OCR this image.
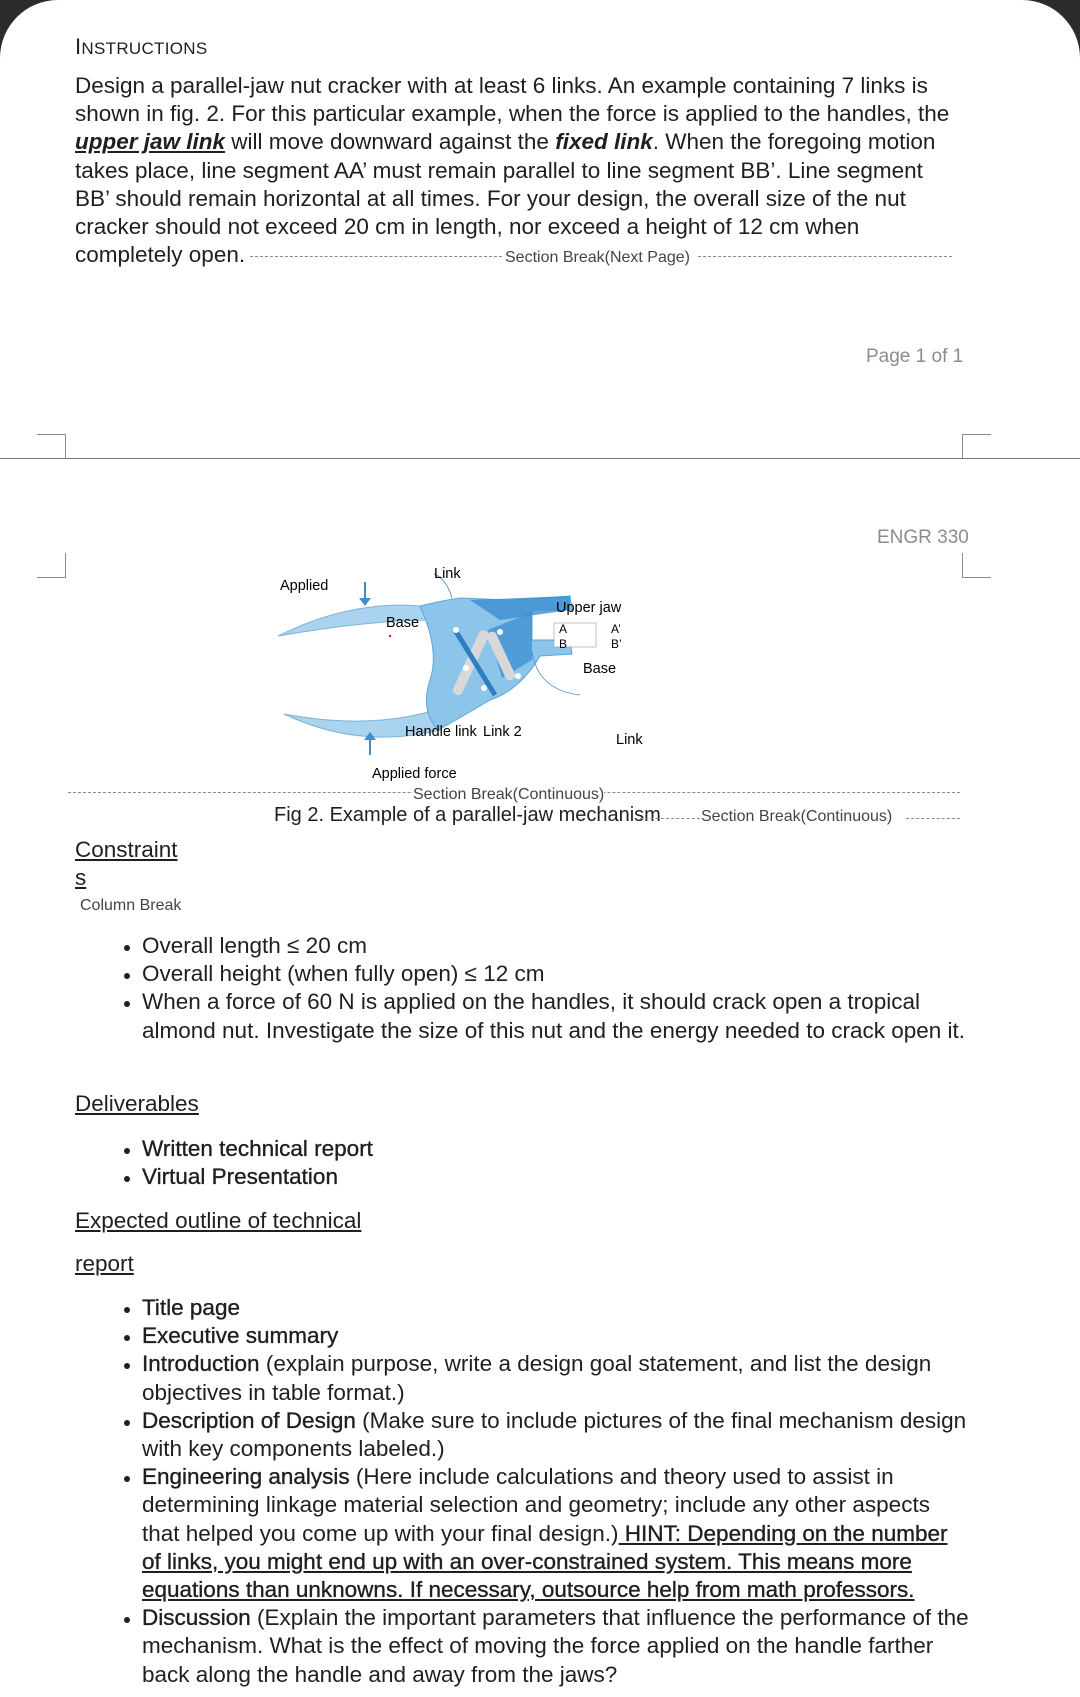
INSTRUCTIONS

Design a parallel-jaw nut cracker with at least 6 links. An example containing 7 links is shown in fig. 2. For this particular example, when the force is applied to the handles, the upper jaw link will move downward against the fixed link. When the foregoing motion takes place, line segment AA’ must remain parallel to line segment BB’. Line segment BB’ should remain horizontal at all times. For your design, the overall size of the nut cracker should not exceed 20 cm in length, nor exceed a height of 12 cm when completely open.	Section Break(Next Page)
Page 1 of 1
ENGR 330
Applied
Link
Base
Upper jaw
A	A’
B	B’
Base
Handle link Link 2	Link
Applied force
Section Break(Continuous)
Fig 2. Example of a parallel-jaw mechanism	Section Break(Continuous)
Constraint
s
Column Break
• Overall length ≤ 20 cm
• Overall height (when fully open) ≤ 12 cm
• When a force of 60 N is applied on the handles, it should crack open a tropical almond nut. Investigate the size of this nut and the energy needed to crack open it.
Deliverables
• Written technical report
• Virtual Presentation
Expected outline of technical
report
• Title page
• Executive summary
• Introduction (explain purpose, write a design goal statement, and list the design objectives in table format.)
• Description of Design (Make sure to include pictures of the final mechanism design with key components labeled.)
• Engineering analysis (Here include calculations and theory used to assist in determining linkage material selection and geometry; include any other aspects that helped you come up with your final design.) HINT: Depending on the number of links, you might end up with an over-constrained system. This means more equations than unknowns. If necessary, outsource help from math professors.
• Discussion (Explain the important parameters that influence the performance of the mechanism. What is the effect of moving the force applied on the handle farther back along the handle and away from the jaws?
